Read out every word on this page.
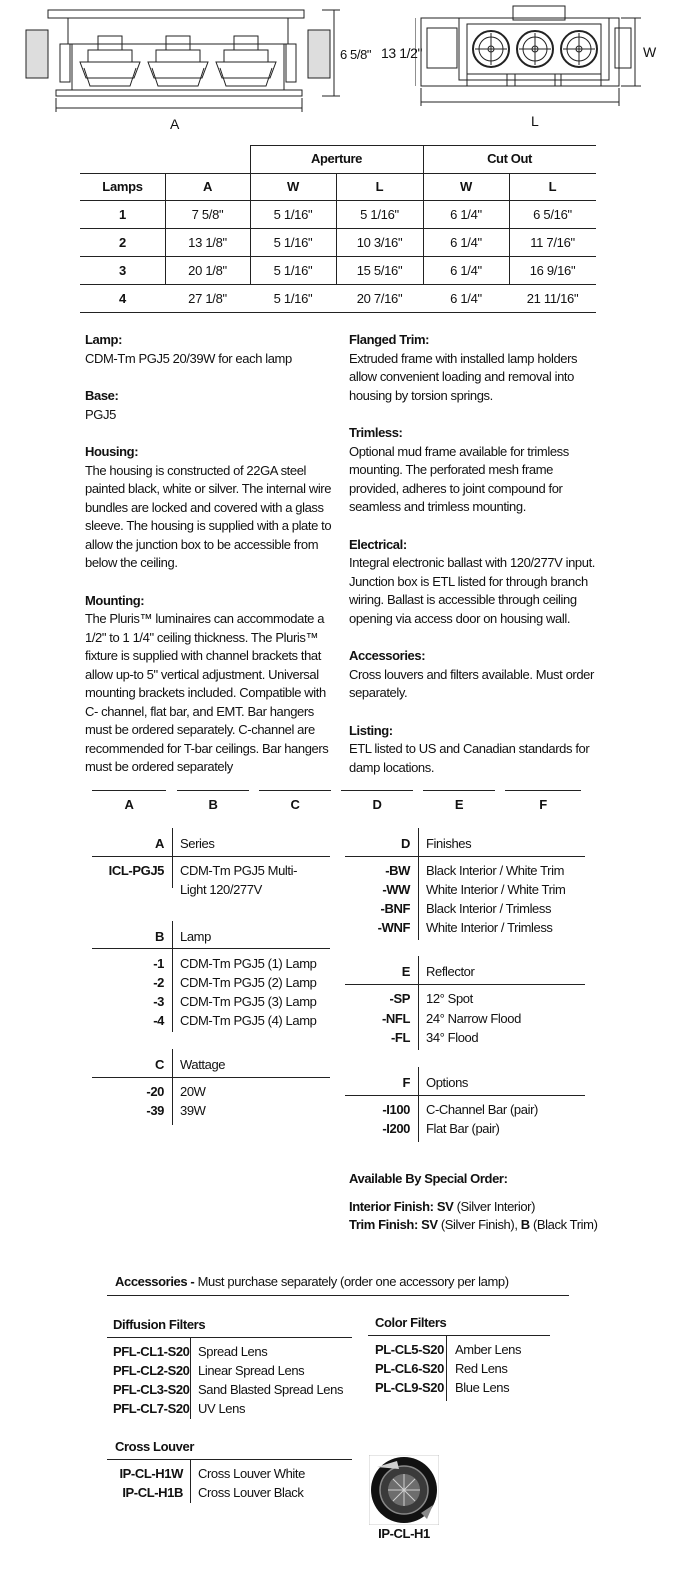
A
6 5/8" 13 1/2"	W
L
Aperture	Cut Out
Lamps	A	W	L	W	L
1	7 5/8"	5 1/16"	5 1/16"	6 1/4"	6 5/16"
2	13 1/8"	5 1/16"	10 3/16"	6 1/4"	11 7/16"
3	20 1/8"	5 1/16"	15 5/16"	6 1/4"	16 9/16"
4	27 1/8"	5 1/16"	20 7/16"	6 1/4"	21 11/16"
Lamp:
CDM-Tm PGJ5 20/39W for each lamp
Base:
PGJ5
Housing:
The housing is constructed of 22GA steel painted black, white or silver. The internal wire bundles are locked and covered with a glass sleeve. The housing is supplied with a plate to allow the junction box to be accessible from below the ceiling.
Mounting:
The Pluris™ luminaires can accommodate a 1/2" to 1 1/4" ceiling thickness. The Pluris™ fixture is supplied with channel brackets that allow up-to 5" vertical adjustment. Universal mounting brackets included. Compatible with C- channel, flat bar, and EMT. Bar hangers must be ordered separately. C-channel are recommended for T-bar ceilings. Bar hangers must be ordered separately
Flanged Trim:
Extruded frame with installed lamp holders allow convenient loading and removal into housing by torsion springs.
Trimless:
Optional mud frame available for trimless mounting. The perforated mesh frame provided, adheres to joint compound for seamless and trimless mounting.
Electrical:
Integral electronic ballast with 120/277V input. Junction box is ETL listed for through branch wiring. Ballast is accessible through ceiling opening via access door on housing wall.
Accessories:
Cross louvers and filters available. Must order separately.
Listing:
ETL listed to US and Canadian standards for damp locations.
A	B	C	D	E	F
A Series
ICL-PGJ5 CDM-Tm PGJ5 Multi-Light 120/277V
B Lamp
-1 CDM-Tm PGJ5 (1) Lamp
-2 CDM-Tm PGJ5 (2) Lamp
-3 CDM-Tm PGJ5 (3) Lamp
-4 CDM-Tm PGJ5 (4) Lamp
C Wattage
-20 20W
-39 39W
D Finishes
-BW Black Interior / White Trim
-WW White Interior / White Trim
-BNF Black Interior / Trimless
-WNF White Interior / Trimless
E Reflector
-SP 12° Spot
-NFL 24° Narrow Flood
-FL 34° Flood
F Options
-I100 C-Channel Bar (pair)
-I200 Flat Bar (pair)
Available By Special Order:
Interior Finish: SV (Silver Interior)
Trim Finish: SV (Silver Finish), B (Black Trim)
Accessories - Must purchase separately (order one accessory per lamp)
Diffusion Filters
PFL-CL1-S20 Spread Lens
PFL-CL2-S20 Linear Spread Lens
PFL-CL3-S20 Sand Blasted Spread Lens
PFL-CL7-S20 UV Lens
Color Filters
PL-CL5-S20 Amber Lens
PL-CL6-S20 Red Lens
PL-CL9-S20 Blue Lens
Cross Louver
IP-CL-H1W Cross Louver White
IP-CL-H1B Cross Louver Black
IP-CL-H1
